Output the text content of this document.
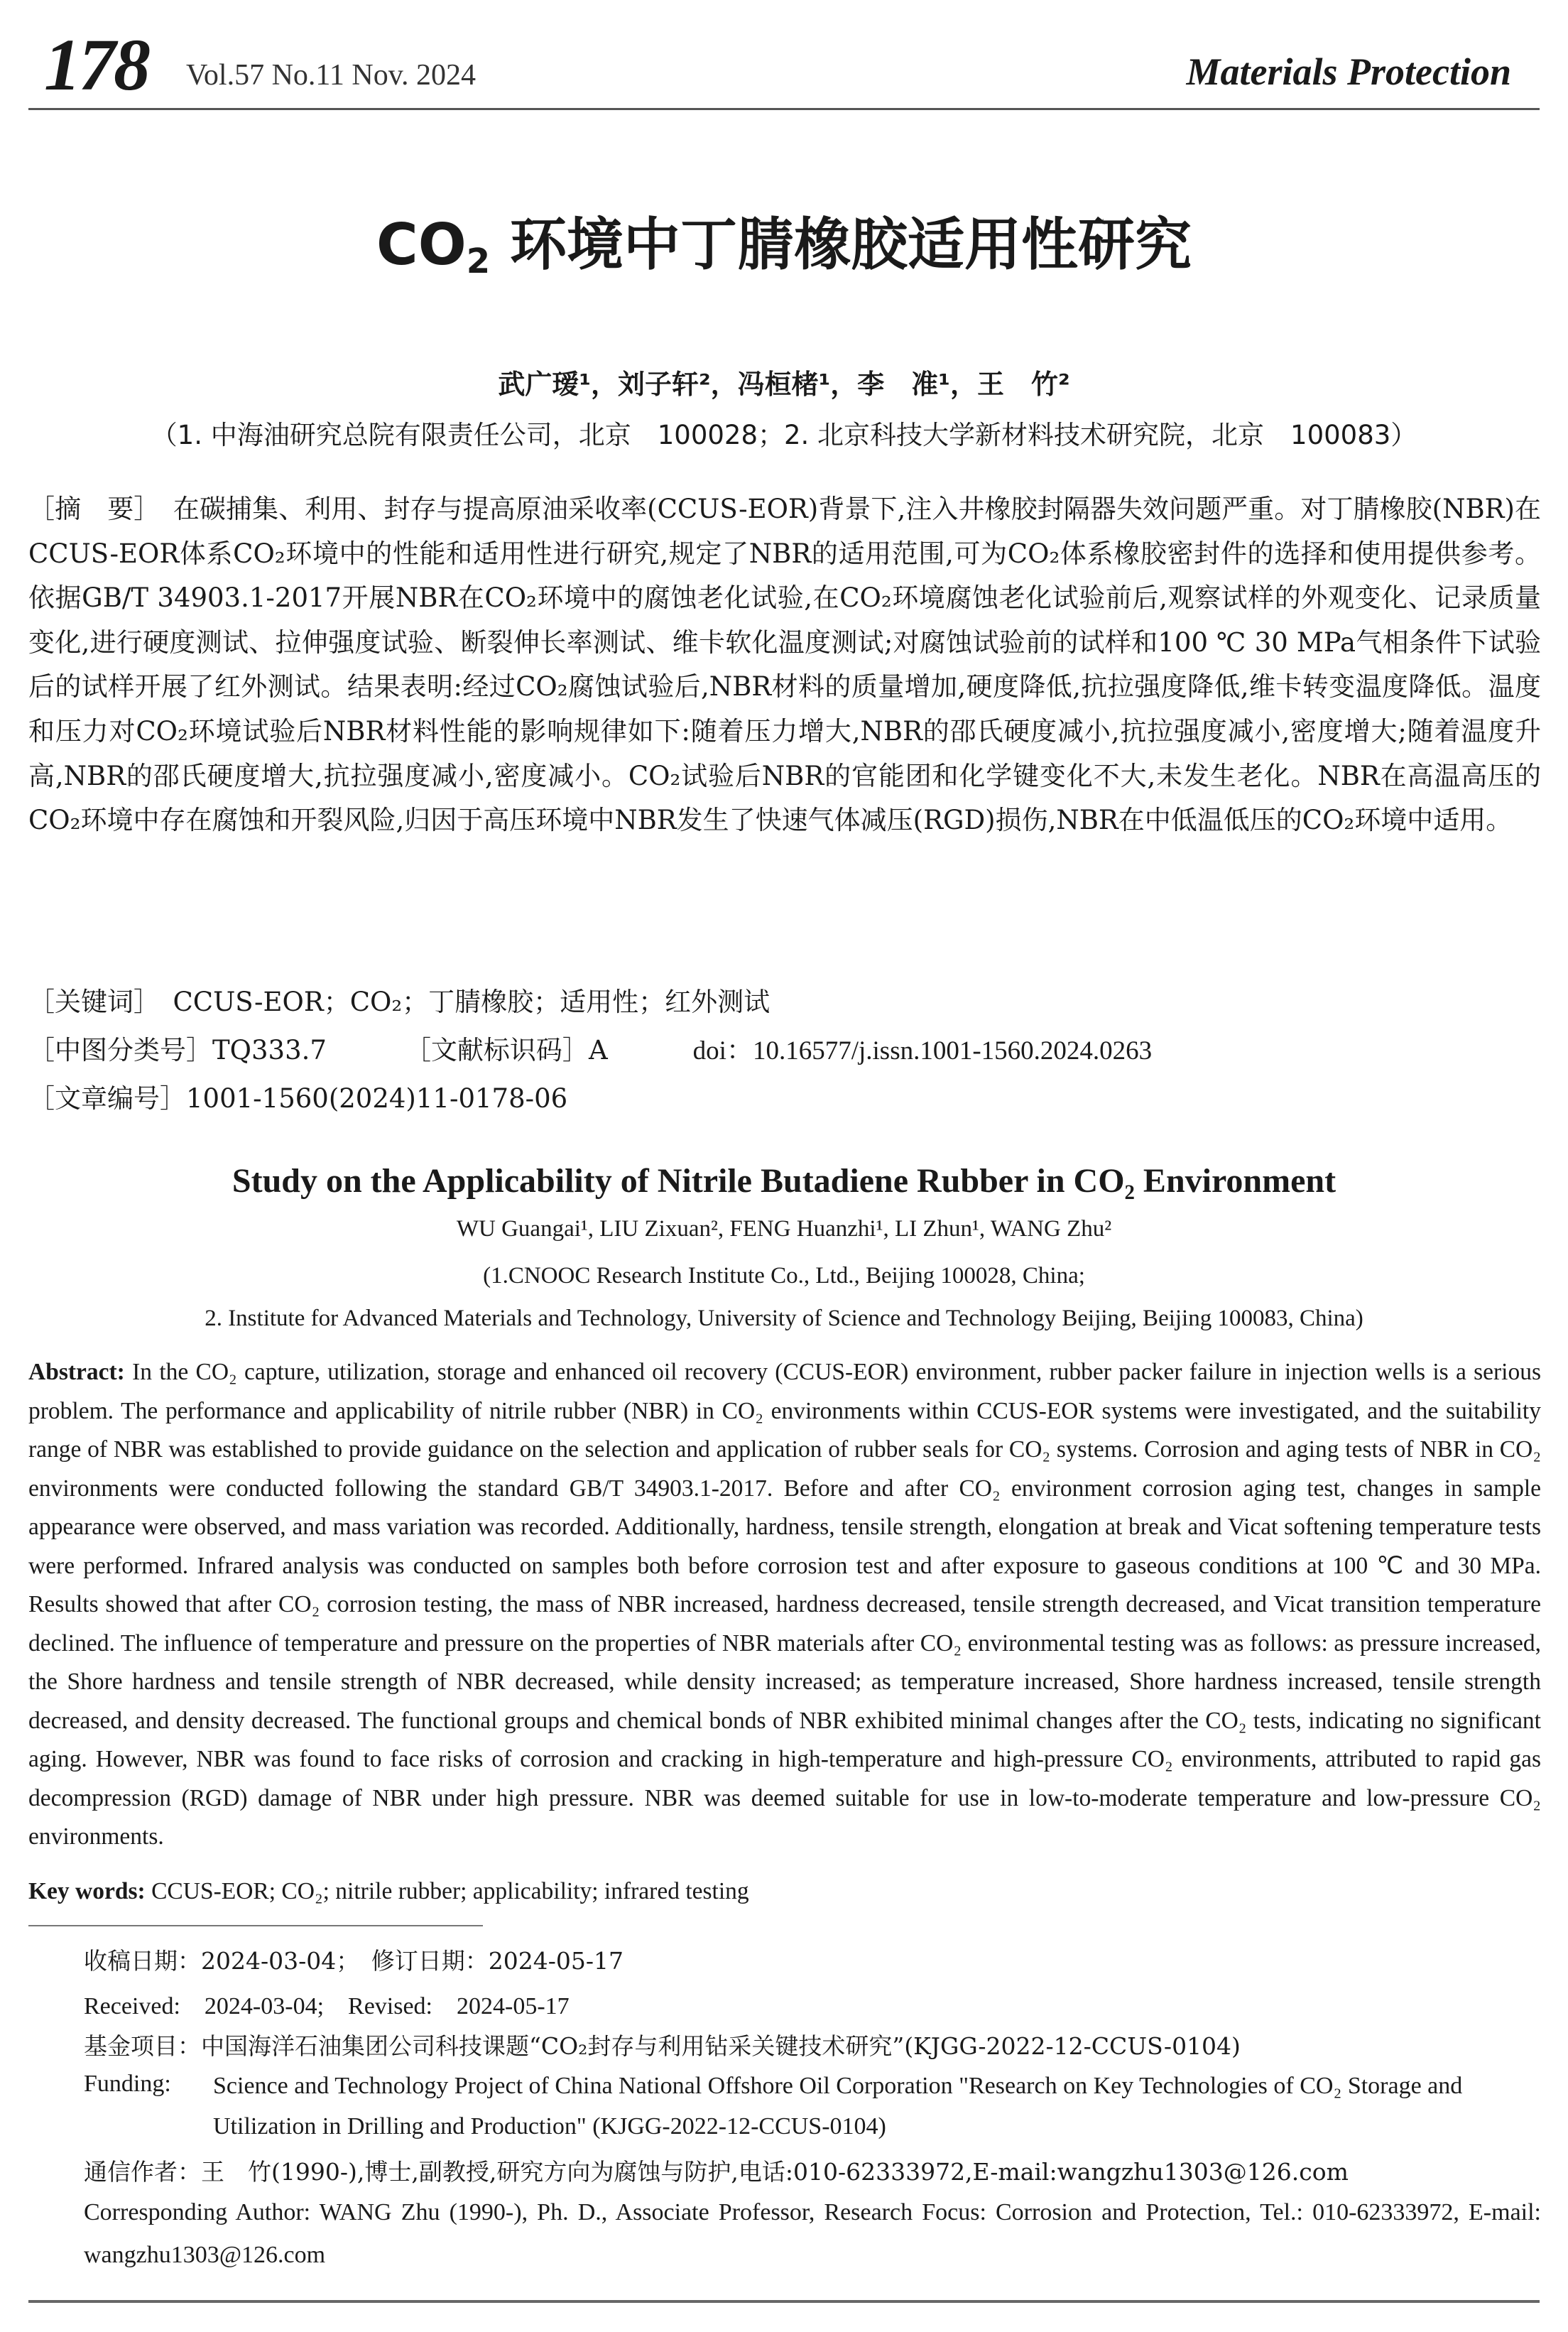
178 Vol.57 No.11 Nov. 2024	Materials Protection
$CO_2$ 环境中丁腈橡胶适用性研究
武广瑷¹，刘子轩²，冯桓楮¹，李　准¹，王　竹²
（1. 中海油研究总院有限责任公司，北京　100028；2. 北京科技大学新材料技术研究院，北京　100083）
［摘　要］　 在碳捕集、利用、封存与提高原油采收率(CCUS-EOR)背景下,注入井橡胶封隔器失效问题严重。对丁腈橡胶(NBR)在CCUS-EOR体系CO₂环境中的性能和适用性进行研究,规定了NBR的适用范围,可为CO₂体系橡胶密封件的选择和使用提供参考。依据GB/T 34903.1-2017开展NBR在CO₂环境中的腐蚀老化试验,在CO₂环境腐蚀老化试验前后,观察试样的外观变化、记录质量变化,进行硬度测试、拉伸强度试验、断裂伸长率测试、维卡软化温度测试;对腐蚀试验前的试样和100 ℃ 30 MPa气相条件下试验后的试样开展了红外测试。结果表明:经过CO₂腐蚀试验后,NBR材料的质量增加,硬度降低,抗拉强度降低,维卡转变温度降低。温度和压力对CO₂环境试验后NBR材料性能的影响规律如下:随着压力增大,NBR的邵氏硬度减小,抗拉强度减小,密度增大;随着温度升高,NBR的邵氏硬度增大,抗拉强度减小,密度减小。CO₂试验后NBR的官能团和化学键变化不大,未发生老化。NBR在高温高压的CO₂环境中存在腐蚀和开裂风险,归因于高压环境中NBR发生了快速气体减压(RGD)损伤,NBR在中低温低压的CO₂环境中适用。
［关键词］　 CCUS-EOR；CO₂；丁腈橡胶；适用性；红外测试
［中图分类号］TQ333.7	［文献标识码］A	doi：10.16577/j.issn.1001-1560.2024.0263
［文章编号］1001-1560(2024)11-0178-06
Study on the Applicability of Nitrile Butadiene Rubber in CO₂ Environment
WU Guangai¹, LIU Zixuan², FENG Huanzhi¹, LI Zhun¹, WANG Zhu²
(1.CNOOC Research Institute Co., Ltd., Beijing 100028, China;
2. Institute for Advanced Materials and Technology, University of Science and Technology Beijing, Beijing 100083, China)
Abstract: In the CO₂ capture, utilization, storage and enhanced oil recovery (CCUS-EOR) environment, rubber packer failure in injection wells is a serious problem. The performance and applicability of nitrile rubber (NBR) in CO₂ environments within CCUS-EOR systems were investigated, and the suitability range of NBR was established to provide guidance on the selection and application of rubber seals for CO₂ systems. Corrosion and aging tests of NBR in CO₂ environments were conducted following the standard GB/T 34903.1-2017. Before and after CO₂ environment corrosion aging test, changes in sample appearance were observed, and mass variation was recorded. Additionally, hardness, tensile strength, elongation at break and Vicat softening temperature tests were performed. Infrared analysis was conducted on samples both before corrosion test and after exposure to gaseous conditions at 100 ℃ and 30 MPa. Results showed that after CO₂ corrosion testing, the mass of NBR increased, hardness decreased, tensile strength decreased, and Vicat transition temperature declined. The influence of temperature and pressure on the properties of NBR materials after CO₂ environmental testing was as follows: as pressure increased, the Shore hardness and tensile strength of NBR decreased, while density increased; as temperature increased, Shore hardness increased, tensile strength decreased, and density decreased. The functional groups and chemical bonds of NBR exhibited minimal changes after the CO₂ tests, indicating no significant aging. However, NBR was found to face risks of corrosion and cracking in high-temperature and high-pressure CO₂ environments, attributed to rapid gas decompression (RGD) damage of NBR under high pressure. NBR was deemed suitable for use in low-to-moderate temperature and low-pressure CO₂ environments.
Key words: CCUS-EOR; CO₂; nitrile rubber; applicability; infrared testing
收稿日期：2024-03-04；　修订日期：2024-05-17
Received:　2024-03-04;　Revised:　2024-05-17
基金项目：中国海洋石油集团公司科技课题“CO₂封存与利用钻采关键技术研究”(KJGG-2022-12-CCUS-0104)
Funding: Science and Technology Project of China National Offshore Oil Corporation "Research on Key Technologies of CO₂ Storage and Utilization in Drilling and Production" (KJGG-2022-12-CCUS-0104)
通信作者：王　竹(1990-),博士,副教授,研究方向为腐蚀与防护,电话:010-62333972,E-mail:wangzhu1303@126.com
Corresponding Author: WANG Zhu (1990-), Ph. D., Associate Professor, Research Focus: Corrosion and Protection, Tel.: 010-62333972, E-mail: wangzhu1303@126.com
